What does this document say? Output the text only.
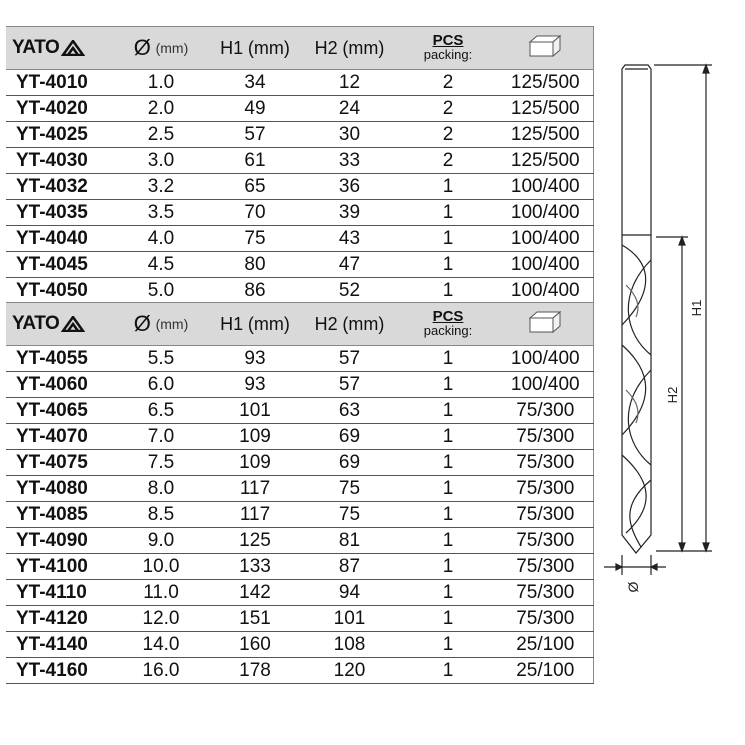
YATO	Ø (mm)	H1 (mm)	H2 (mm)	PCS
packing:

YT-4010	1.0	34	12	2	125/500
YT-4020	2.0	49	24	2	125/500
YT-4025	2.5	57	30	2	125/500
YT-4030	3.0	61	33	2	125/500
YT-4032	3.2	65	36	1	100/400
YT-4035	3.5	70	39	1	100/400
YT-4040	4.0	75	43	1	100/400
YT-4045	4.5	80	47	1	100/400
YT-4050	5.0	86	52	1	100/400
YATO	Ø (mm)	H1 (mm)	H2 (mm)	PCS
packing:

YT-4055	5.5	93	57	1	100/400
YT-4060	6.0	93	57	1	100/400
YT-4065	6.5	101	63	1	75/300
YT-4070	7.0	109	69	1	75/300
YT-4075	7.5	109	69	1	75/300
YT-4080	8.0	117	75	1	75/300
YT-4085	8.5	117	75	1	75/300
YT-4090	9.0	125	81	1	75/300
YT-4100	10.0	133	87	1	75/300
YT-4110	11.0	142	94	1	75/300
YT-4120	12.0	151	101	1	75/300
YT-4140	14.0	160	108	1	25/100
YT-4160	16.0	178	120	1	25/100
H1
H2
Ø
